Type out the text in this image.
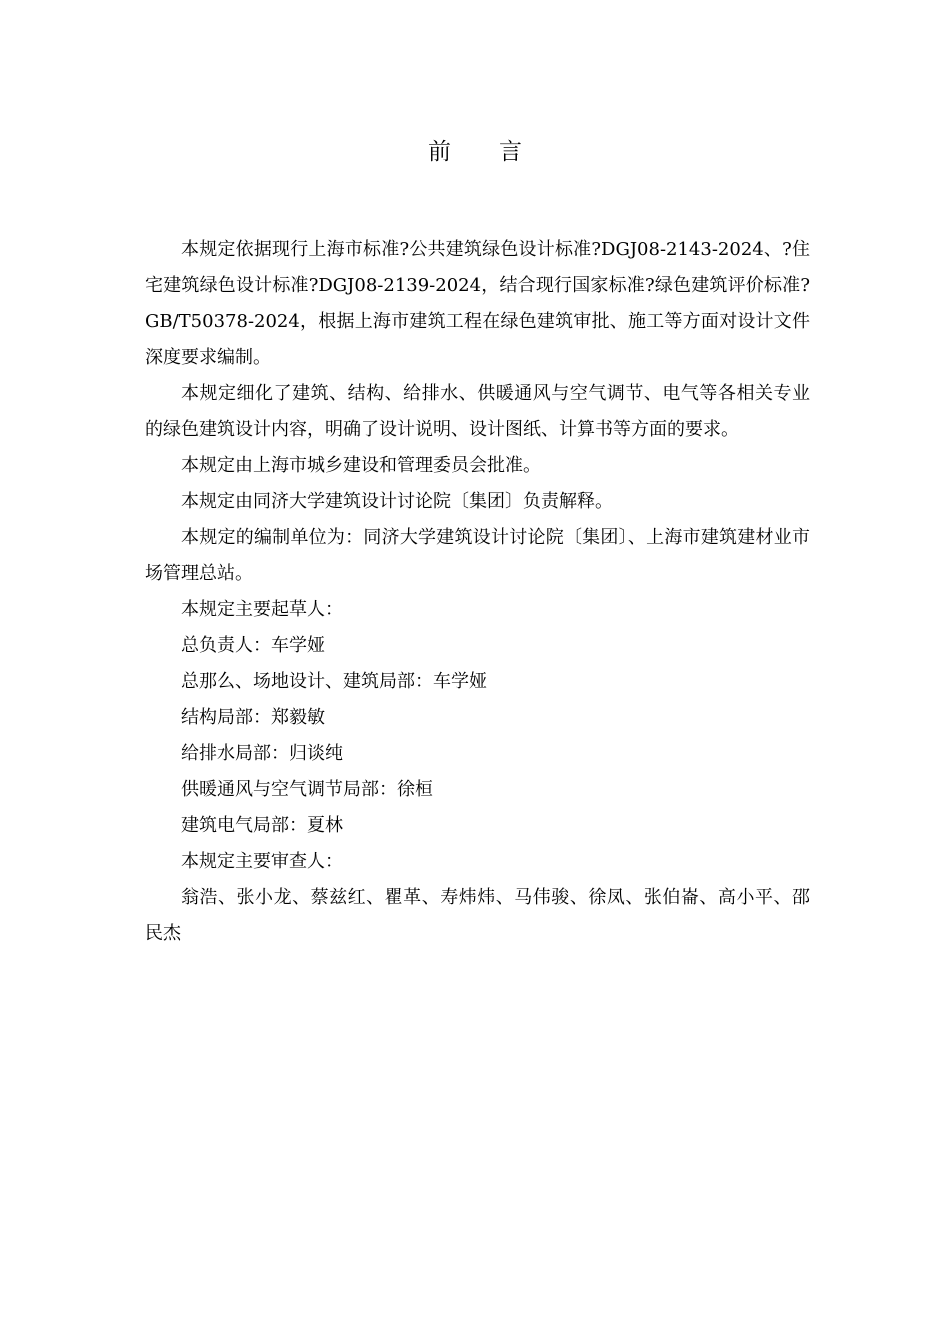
前言

本规定依据现行上海市标准?公共建筑绿色设计标准?DGJ08-2143-2024、?住宅建筑绿色设计标准?DGJ08-2139-2024，结合现行国家标准?绿色建筑评价标准?GB/T50378-2024，根据上海市建筑工程在绿色建筑审批、施工等方面对设计文件深度要求编制。

本规定细化了建筑、结构、给排水、供暖通风与空气调节、电气等各相关专业的绿色建筑设计内容，明确了设计说明、设计图纸、计算书等方面的要求。

本规定由上海市城乡建设和管理委员会批准。

本规定由同济大学建筑设计讨论院〔集团〕负责解释。

本规定的编制单位为：同济大学建筑设计讨论院〔集团〕、上海市建筑建材业市场管理总站。

本规定主要起草人：

总负责人：车学娅

总那么、场地设计、建筑局部：车学娅

结构局部：郑毅敏

给排水局部：归谈纯

供暖通风与空气调节局部：徐桓

建筑电气局部：夏林

本规定主要审查人：

翁浩、张小龙、蔡兹红、瞿革、寿炜炜、马伟骏、徐凤、张伯崙、高小平、邵民杰
